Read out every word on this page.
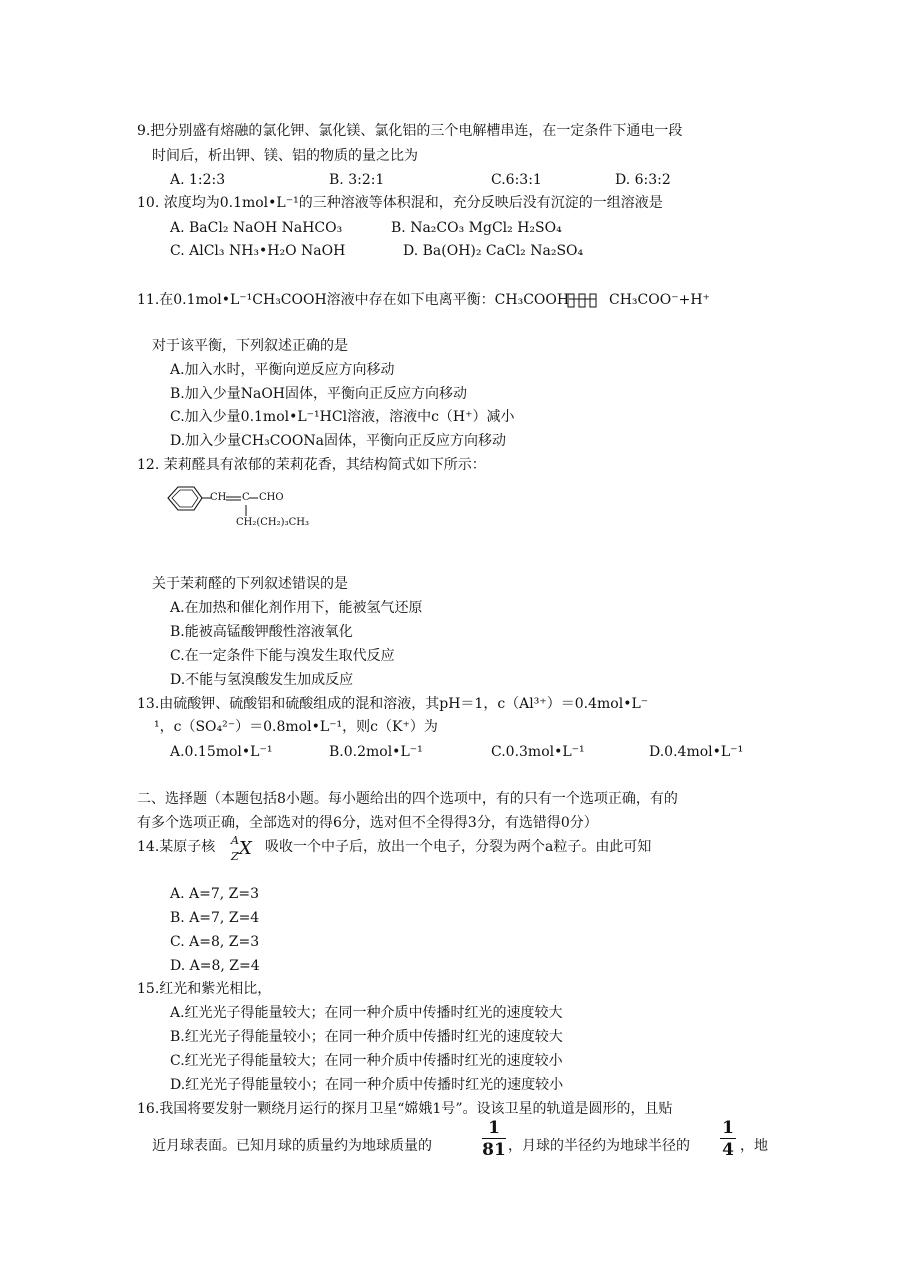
9.把分别盛有熔融的氯化钾、氯化镁、氯化铝的三个电解槽串连，在一定条件下通电一段
时间后，析出钾、镁、铝的物质的量之比为
A. 1:2:3	B. 3:2:1	C.6:3:1	D. 6:3:2
10. 浓度均为0.1mol•L⁻¹的三种溶液等体积混和，充分反映后没有沉淀的一组溶液是
A. BaCl₂ NaOH NaHCO₃	B. Na₂CO₃ MgCl₂ H₂SO₄
C. AlCl₃ NH₃•H₂O NaOH	D. Ba(OH)₂ CaCl₂ Na₂SO₄
11.在0.1mol•L⁻¹CH₃COOH溶液中存在如下电离平衡：CH₃COOH	CH₃COO⁻+H⁺
对于该平衡，下列叙述正确的是
A.加入水时，平衡向逆反应方向移动
B.加入少量NaOH固体，平衡向正反应方向移动
C.加入少量0.1mol•L⁻¹HCl溶液，溶液中c（H⁺）减小
D.加入少量CH₃COONa固体，平衡向正反应方向移动
12. 茉莉醛具有浓郁的茉莉花香，其结构简式如下所示：
CH C CHO
CH₂(CH₂)₃CH₃
关于茉莉醛的下列叙述错误的是
A.在加热和催化剂作用下，能被氢气还原
B.能被高锰酸钾酸性溶液氧化
C.在一定条件下能与溴发生取代反应
D.不能与氢溴酸发生加成反应
13.由硫酸钾、硫酸铝和硫酸组成的混和溶液，其pH＝1，c（Al³⁺）＝0.4mol•L⁻
¹，c（SO₄²⁻）＝0.8mol•L⁻¹，则c（K⁺）为
A.0.15mol•L⁻¹	B.0.2mol•L⁻¹	C.0.3mol•L⁻¹	D.0.4mol•L⁻¹
二、选择题（本题包括8小题。每小题给出的四个选项中，有的只有一个选项正确，有的
有多个选项正确，全部选对的得6分，选对但不全得得3分，有选错得0分）
14.某原子核 A
Z X 吸收一个中子后，放出一个电子，分裂为两个a粒子。由此可知
A. A=7, Z=3
B. A=7, Z=4
C. A=8, Z=3
D. A=8, Z=4
15.红光和紫光相比，
A.红光光子得能量较大；在同一种介质中传播时红光的速度较大
B.红光光子得能量较小；在同一种介质中传播时红光的速度较大
C.红光光子得能量较大；在同一种介质中传播时红光的速度较小
D.红光光子得能量较小；在同一种介质中传播时红光的速度较小
16.我国将要发射一颗绕月运行的探月卫星“嫦娥1号”。设该卫星的轨道是圆形的，且贴
近月球表面。已知月球的质量约为地球质量的
1
81 ，月球的半径约为地球半径的
1
4 ，地
